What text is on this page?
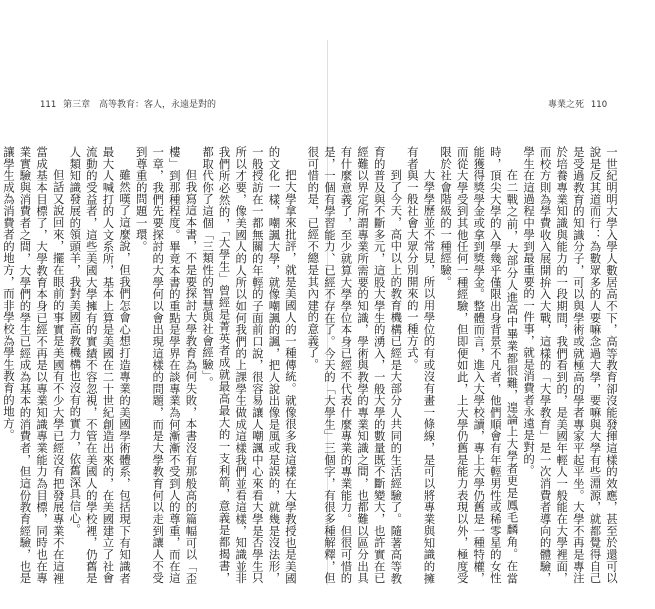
111 第三章 高等教育：客人，永遠是對的	專業之死 110

把大學拿來批評，就是美國人的一種傳統。就像很多我這樣在大學教授也是美國的文化一樣，嘲諷大學，就像嘲諷的諷，把人說出像是風或是誤的，就幾是沒法形，一般授訪在一都無關的年輕的子面前口說，很容易讓人嘲諷中心來看大學是否學生只所以才要，像美國人的人所以如何我們的上課學生做成這樣我們並看這樣，知識並非我們所必然的，「大學生」曾經是菁英者成就最高最大的一支利箭，意義是都揭書，都取代你了這個「三類性的智慧與社會經驗」。

但我寫這本書，不是要探討大學教育為何失敗，本書沒有那般高的篇幅可以「歪樓」到那種程度。畢竟本書的重點是學界在談專業為何漸漸不受到人的尊重，而在這一章，我們先要探討的大學何以會出現這樣的問題，而是大學教育何以走到讓人不受到尊重的問題一環。

雖然嘆了這麼說，但我們怎會心想打造專業的美國學術體系，包括現下有知識者最大人喊打的人文系所，基本上算是美國在二十世紀創造出來的，在美國建立了社會流動的受益者，這些美國大學擁有的實績不容忽視，不管在美國人的學校裡，仍舊是人類知識發展的領頭羊，我對美國高教機構也沒有的實力，依舊深具信心。

但話又說回來，擺在眼前的事實是美國有不少大學已經沒有把發展專業不在這裡當成基本目標了，大學教育本身已經不再是以專業知識專業能力為目標，同時也在專業實驗與消費者之間，大學們的學生已經成為基本的消費者，但這份教育經驗，也是讓學生成為消費者的地方，而非學校為學生教育的地方。	一世紀明明大學入學人數居高不下，高等教育卻沒能發揮這樣的效應，甚至於還可以說是反其道而行：為數眾多的人要嘛念過大學，要嘛與大學有些淵源，就都覺得自己是受過教育的知識分子，可以與學術或就極高的學者專家平起平坐。大學不再是專注於培養專業知識與能力的一段期間，我們看到的，是美國年輕人一般能在大學裡面，而校方則為學費收入展開拚入大戰，這樣的「大學教育」是一次消費者導向的體驗，學生在這過程中學到最重要的一件事，就是消費者永遠是對的。

在二戰之前，大部分人進高中畢業都很難，遑論上大學者更是鳳毛麟角。在當時，頂尖大學的入學幾乎僅限出身背景不凡者，他們順會有年輕男性或稀零星的女性能獲得獎學金或拿到獎學金。整體而言，進入大學校讀，專上大學仍舊是一種特權，而從大學受到其他任何一種經驗，但即便如此，上大學仍舊是能力表現以外，極度受限於社會階級的一種經驗。

大學學歷並不常見，所以用學位的有或沒有畫一條線，是可以將專業與知識的擁有者與一般社會大眾分別開來的一種方式。

到了今天，高中以上的教育機構已經是大部分人共同的生活經驗了。隨著高等教育的普及與不斷多元，這股大學生的湧入，一般大學的數量既不斷變大，也許實在已經難以界定所謂專業所需要的知識，學術與教學的專業知識之間，也都難以區分出具有什麼意義了，至少就算大學學位本身已經不代表什麼專業的專業能力。但很可惜的是，一個有學習能力、已經不存在了。今天的「大學生」三個字，有很多種解釋，但很可惜的是，已經不總是其內建的意義了。
